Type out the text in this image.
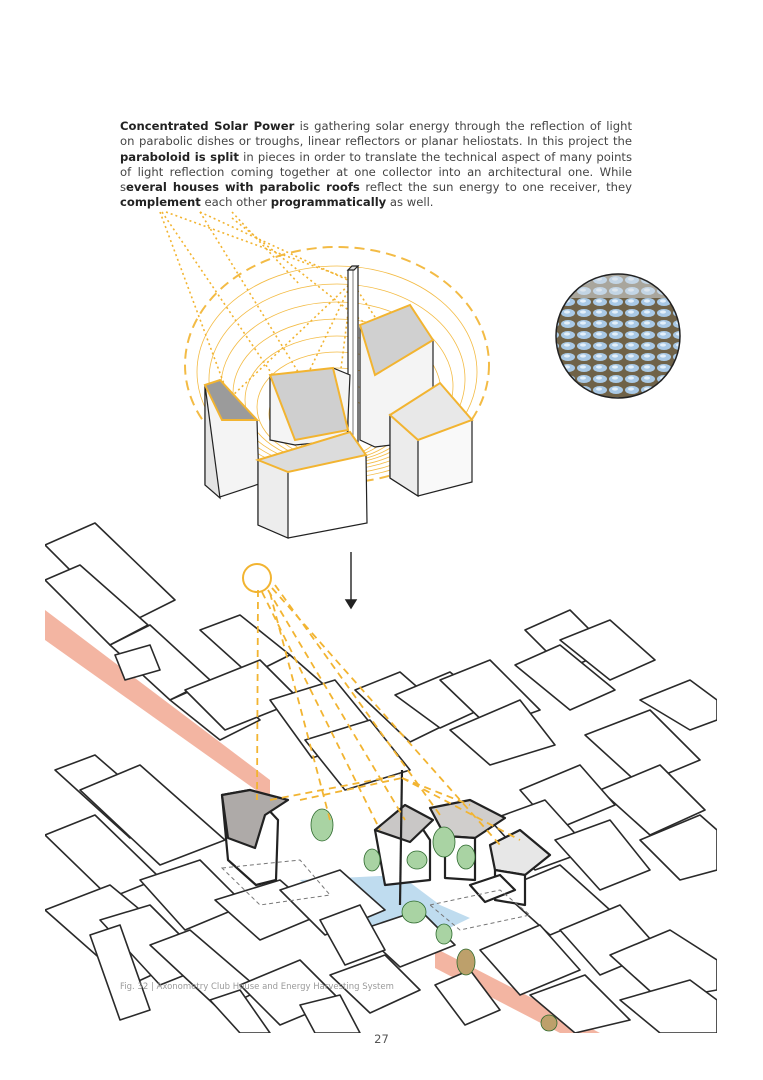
Concentrated Solar Power is gathering solar energy through the reflection of light on parabolic dishes or troughs, linear reflectors or planar heliostats. In this project the paraboloid is split in pieces in order to translate the technical aspect of many points of light reflection coming together at one collector into an architectural one. While several houses with parabolic roofs reflect the sun energy to one receiver, they complement each other programmatically as well.

Fig. 32 | Axonometry Club House and Energy Harvesting System
27
